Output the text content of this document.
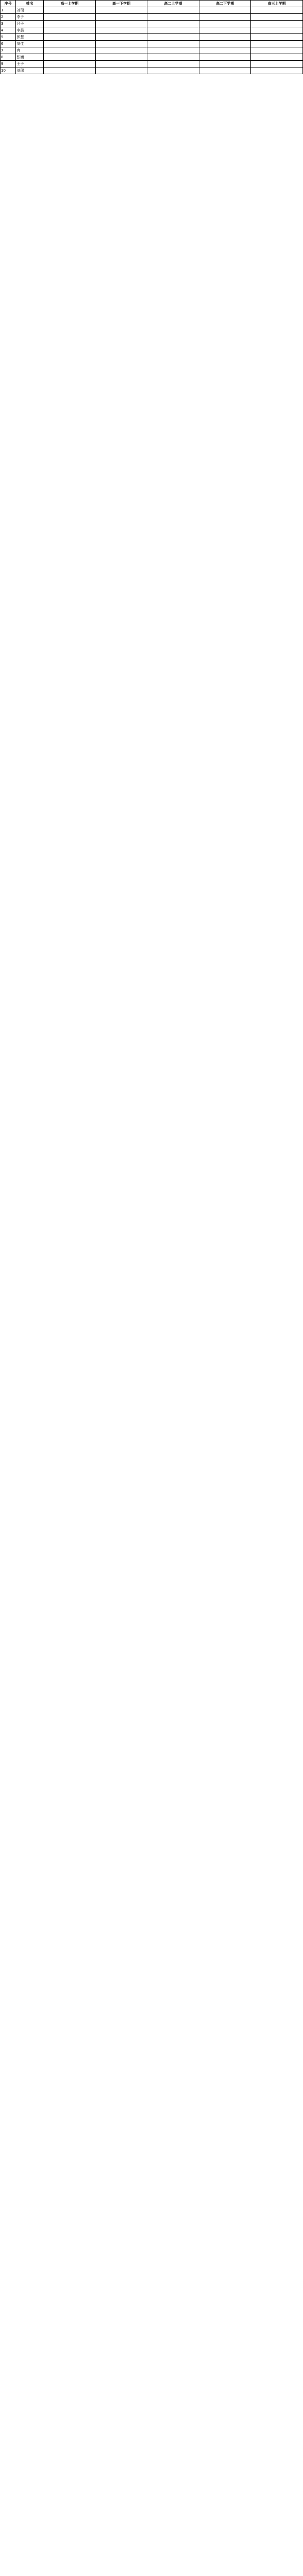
序号	姓名	高一上学期	高一下学期	高二上学期	高二下学期	高三上学期
1	刘瑞					
2	李子					
3	吕子					
4	李晨					
5	郭慧					
6	刘佳					
7	冉					
8	张涵					
9	王子					
10	刘瑞					
